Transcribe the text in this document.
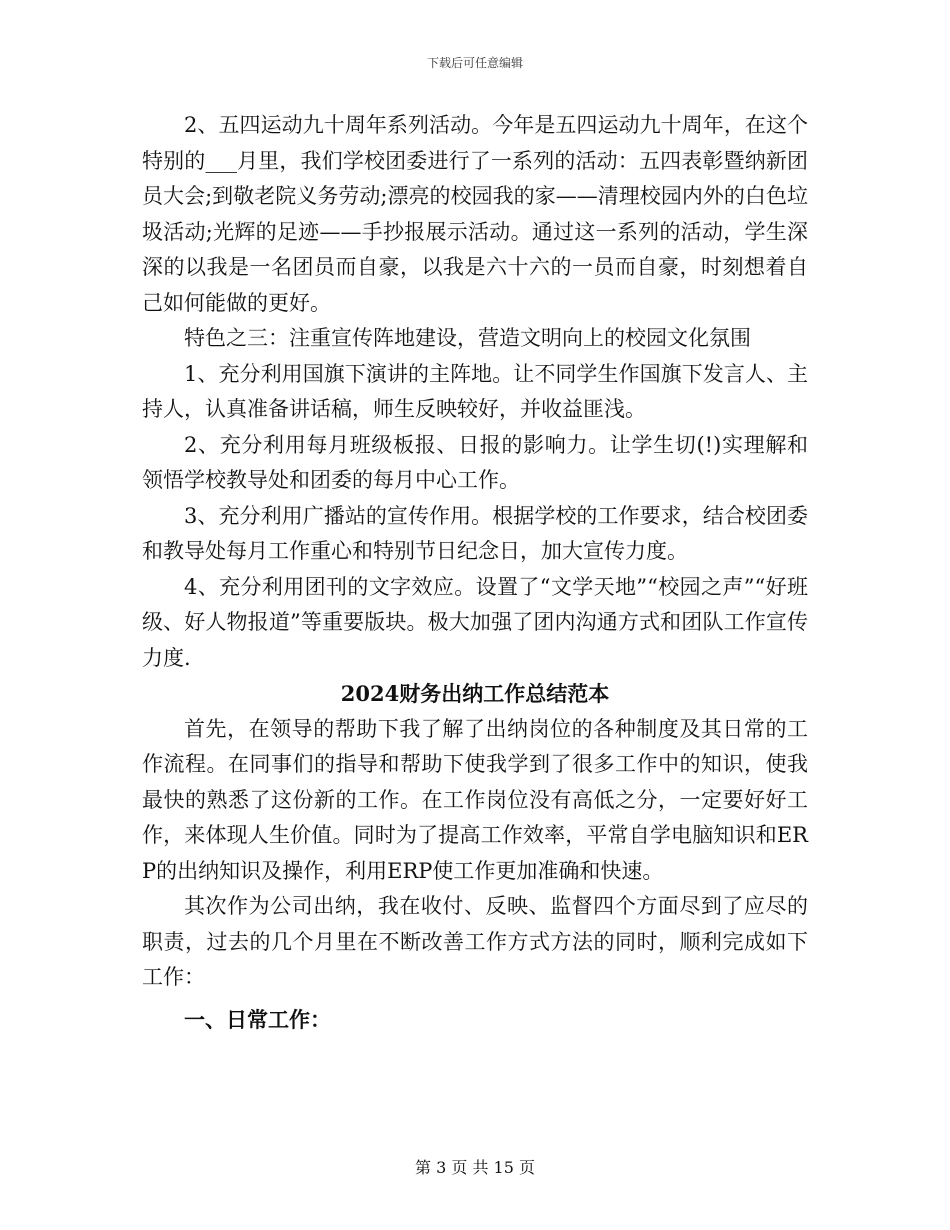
下载后可任意编辑

2、五四运动九十周年系列活动。今年是五四运动九十周年，在这个特别的___月里，我们学校团委进行了一系列的活动：五四表彰暨纳新团员大会;到敬老院义务劳动;漂亮的校园我的家——清理校园内外的白色垃圾活动;光辉的足迹——手抄报展示活动。通过这一系列的活动，学生深深的以我是一名团员而自豪，以我是六十六的一员而自豪，时刻想着自己如何能做的更好。

特色之三：注重宣传阵地建设，营造文明向上的校园文化氛围

1、充分利用国旗下演讲的主阵地。让不同学生作国旗下发言人、主持人，认真准备讲话稿，师生反映较好，并收益匪浅。

2、充分利用每月班级板报、日报的影响力。让学生切(!)实理解和领悟学校教导处和团委的每月中心工作。

3、充分利用广播站的宣传作用。根据学校的工作要求，结合校团委和教导处每月工作重心和特别节日纪念日，加大宣传力度。

4、充分利用团刊的文字效应。设置了“文学天地”“校园之声”“好班级、好人物报道”等重要版块。极大加强了团内沟通方式和团队工作宣传力度.

2024财务出纳工作总结范本

首先，在领导的帮助下我了解了出纳岗位的各种制度及其日常的工作流程。在同事们的指导和帮助下使我学到了很多工作中的知识，使我最快的熟悉了这份新的工作。在工作岗位没有高低之分，一定要好好工作，来体现人生价值。同时为了提高工作效率，平常自学电脑知识和ERP的出纳知识及操作，利用ERP使工作更加准确和快速。

其次作为公司出纳，我在收付、反映、监督四个方面尽到了应尽的职责，过去的几个月里在不断改善工作方式方法的同时，顺利完成如下工作：

一、日常工作：

第 3 页 共 15 页
